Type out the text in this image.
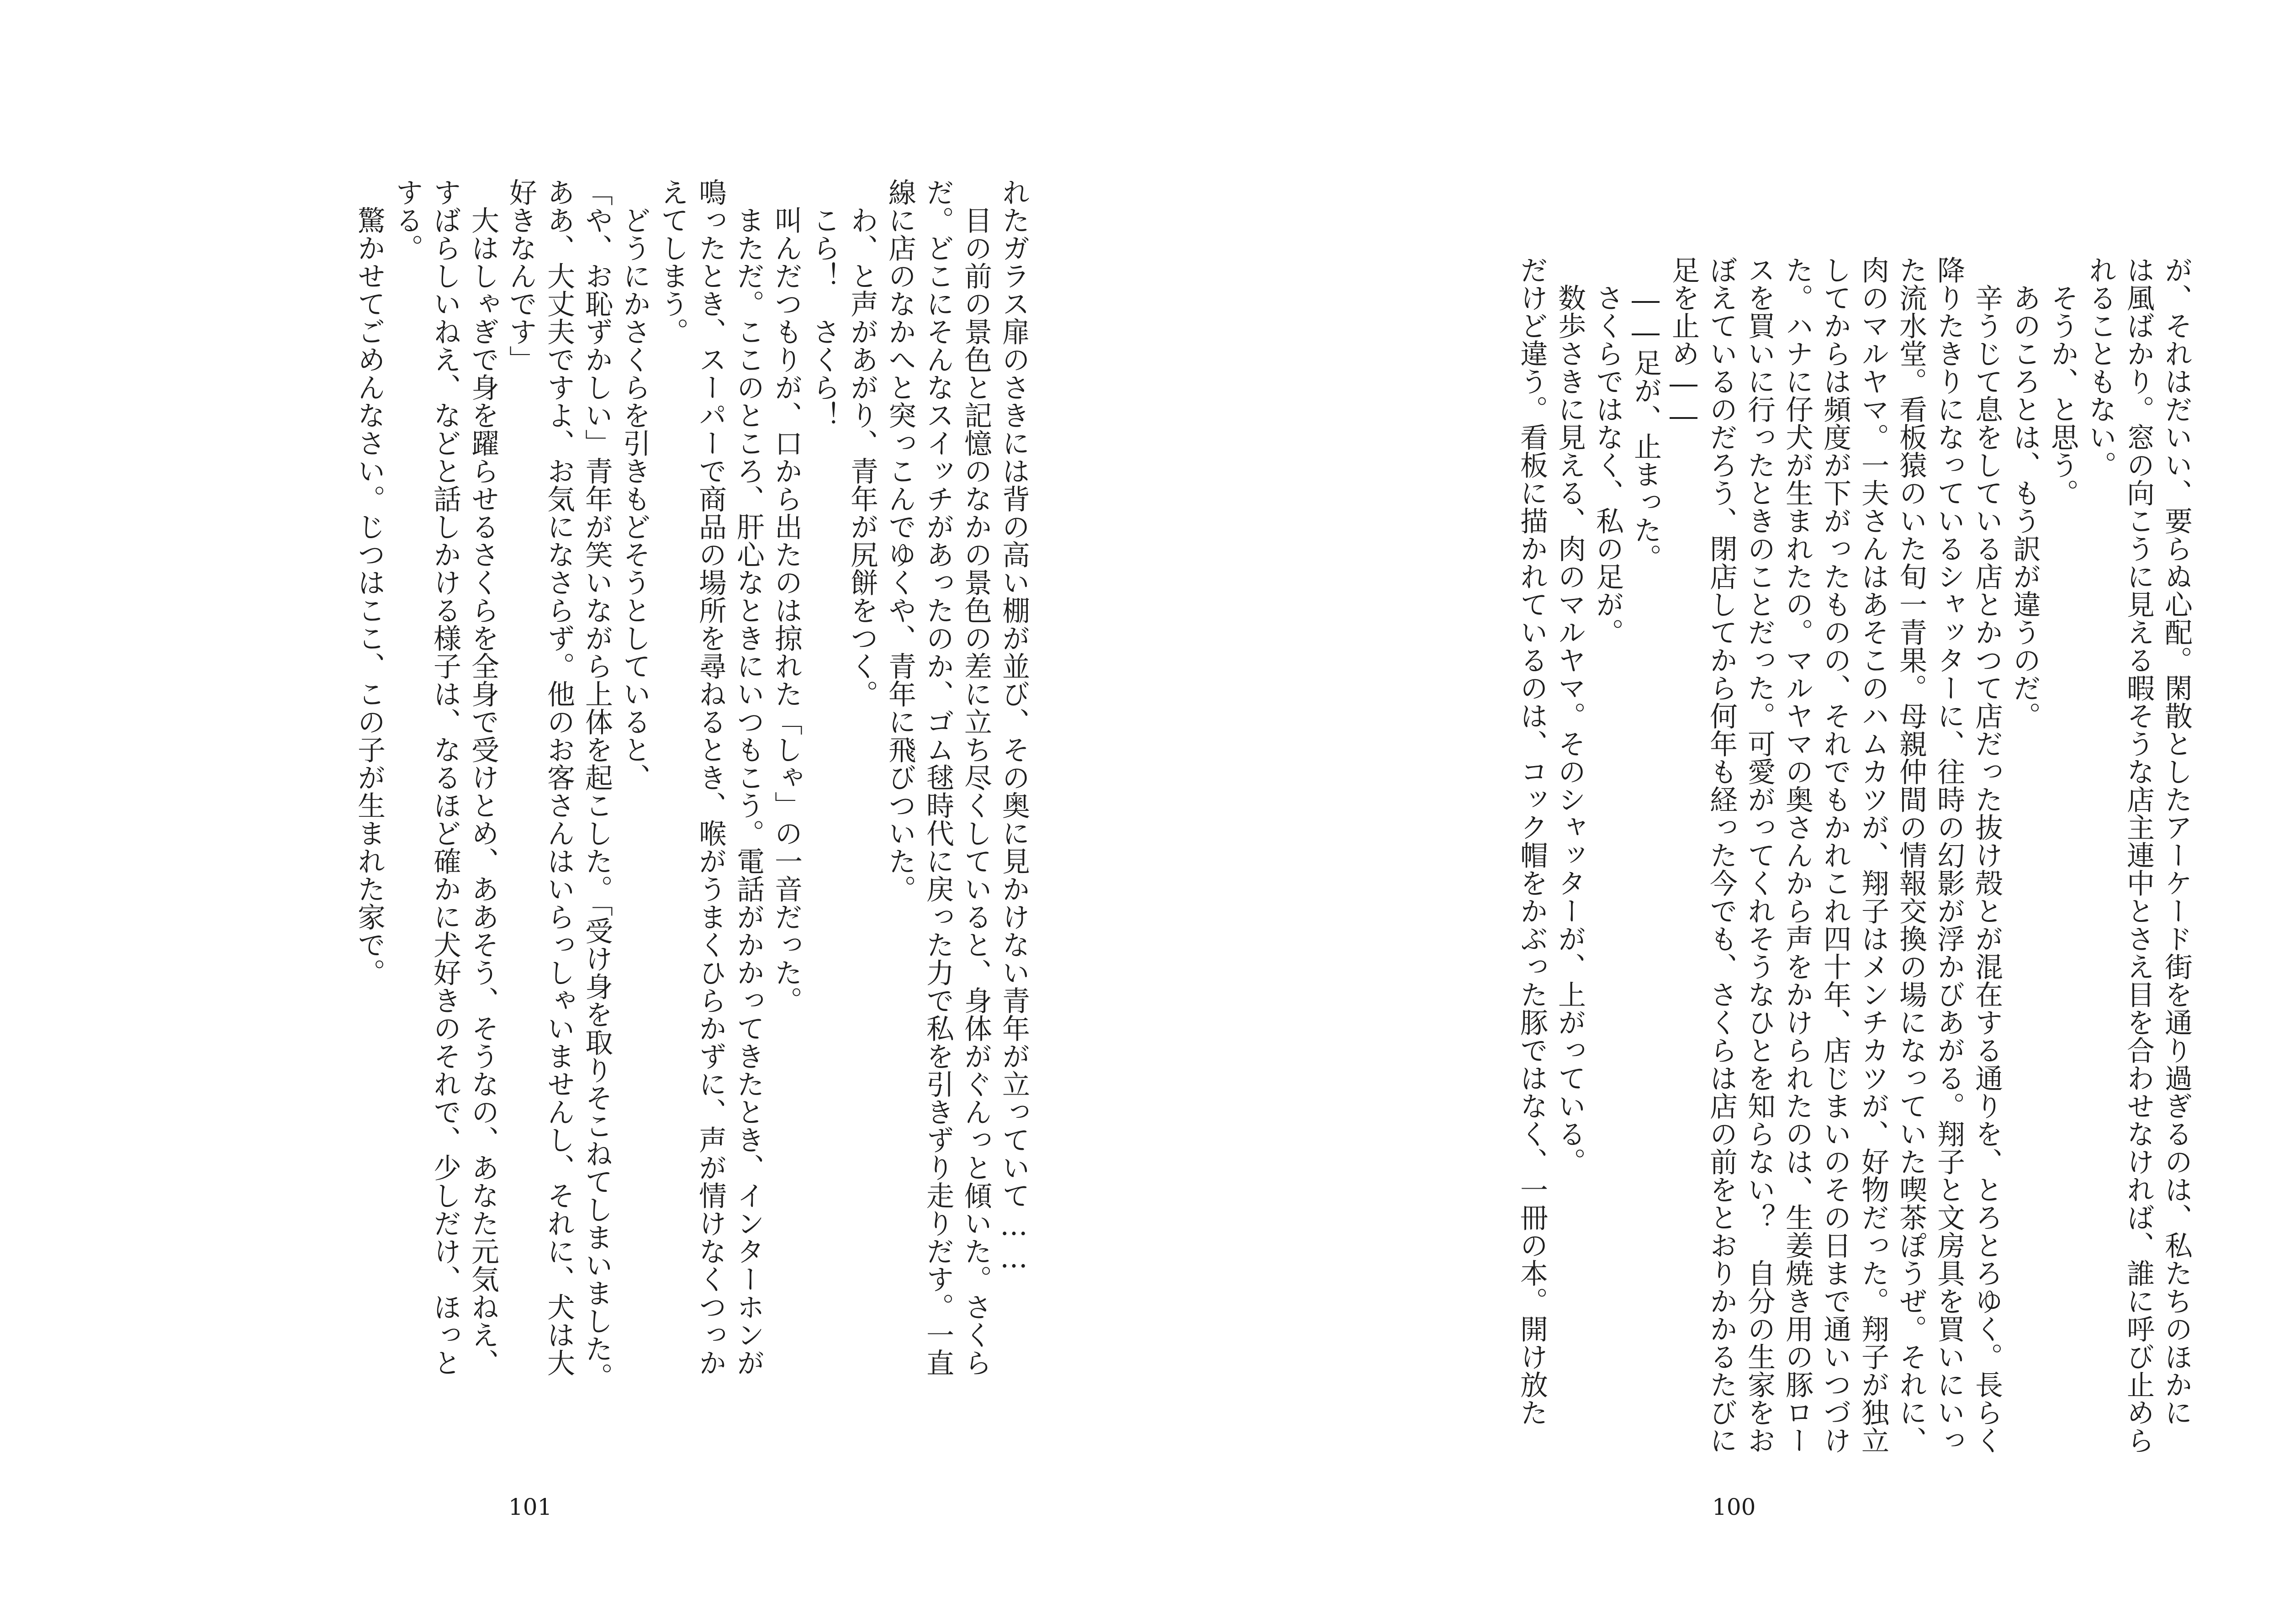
が、それはだいい、要らぬ心配。閑散としたアーケード街を通り過ぎるのは、私たちのほかに
は風ばかり。窓の向こうに見える暇そうな店主連中とさえ目を合わせなければ、誰に呼び止めら
れることもない。
　そうか、と思う。
　あのころとは、もう訳が違うのだ。
　辛うじて息をしている店とかつて店だった抜け殻とが混在する通りを、とろとろゆく。長らく
降りたきりになっているシャッターに、往時の幻影が浮かびあがる。翔子と文房具を買いにいっ
た流水堂。看板猿のいた旬一青果。母親仲間の情報交換の場になっていた喫茶ぽうぜ。それに、
肉のマルヤマ。一夫さんはあそこのハムカツが、翔子はメンチカツが、好物だった。翔子が独立
してからは頻度が下がったものの、それでもかれこれ四十年、店じまいのその日まで通いつづけ
た。ハナに仔犬が生まれたの。マルヤマの奥さんから声をかけられたのは、生姜焼き用の豚ロー
スを買いに行ったときのことだった。可愛がってくれそうなひとを知らない？　自分の生家をお
ぼえているのだろう、閉店してから何年も経った今でも、さくらは店の前をとおりかかるたびに
足を止め――
　――足が、止まった。
　さくらではなく、私の足が。
　数歩さきに見える、肉のマルヤマ。そのシャッターが、上がっている。
だけど違う。看板に描かれているのは、コック帽をかぶった豚ではなく、一冊の本。開け放た
100
れたガラス扉のさきには背の高い棚が並び、その奥に見かけない青年が立っていて……
　目の前の景色と記憶のなかの景色の差に立ち尽くしていると、身体がぐんっと傾いた。さくら
だ。どこにそんなスイッチがあったのか、ゴム毬時代に戻った力で私を引きずり走りだす。一直
線に店のなかへと突っこんでゆくや、青年に飛びついた。
　わ、と声があがり、青年が尻餅をつく。
　こら！　さくら！
　叫んだつもりが、口から出たのは掠れた「しゃ」の一音だった。
　まただ。ここのところ、肝心なときにいつもこう。電話がかかってきたとき、インターホンが
鳴ったとき、スーパーで商品の場所を尋ねるとき、喉がうまくひらかずに、声が情けなくつっか
えてしまう。
　どうにかさくらを引きもどそうとしていると、
「や、お恥ずかしい」青年が笑いながら上体を起こした。「受け身を取りそこねてしまいました。
ああ、大丈夫ですよ、お気になさらず。他のお客さんはいらっしゃいませんし、それに、犬は大
好きなんです」
　大はしゃぎで身を躍らせるさくらを全身で受けとめ、ああそう、そうなの、あなた元気ねえ、
すばらしいねえ、などと話しかける様子は、なるほど確かに犬好きのそれで、少しだけ、ほっと
する。
　驚かせてごめんなさい。じつはここ、この子が生まれた家で。
101
